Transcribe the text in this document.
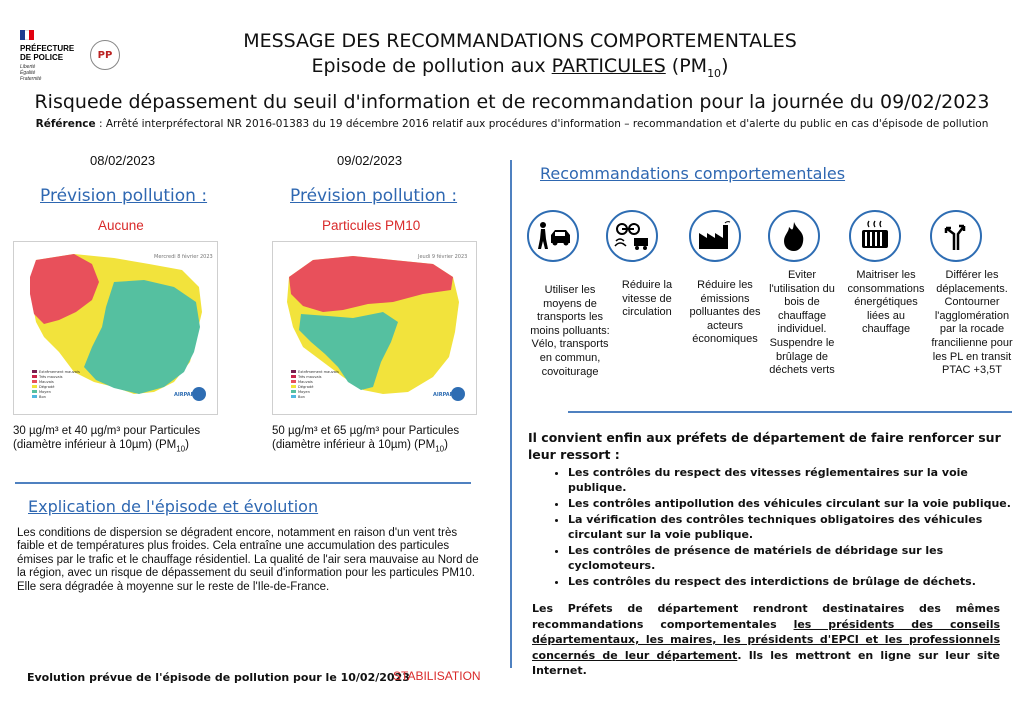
PRÉFECTURE
DE POLICE
Liberté
Égalité
Fraternité
PP
MESSAGE DES RECOMMANDATIONS COMPORTEMENTALES
Episode de pollution aux PARTICULES $(PM_{10})$
Risquede dépassement du seuil d'information et de recommandation pour la journée du 09/02/2023
Référence : Arrêté interpréfectoral NR 2016-01383 du 19 décembre 2016 relatif aux procédures d'information – recommandation et d'alerte du public en cas d'épisode de pollution
08/02/2023
Prévision pollution :
Aucune
Mercredi 8 février 2023
Extrêmement mauvais
Très mauvais
Mauvais
Dégradé
Moyen
Bon	AIRPARIF
30 µg/m³ et 40 µg/m³ pour Particules
(diamètre inférieur à 10µm) $(PM_{10})$
09/02/2023
Prévision pollution :
Particules PM10
Jeudi 9 février 2023
Extrêmement mauvais
Très mauvais
Mauvais
Dégradé
Moyen
Bon	AIRPARIF
50 µg/m³ et 65 µg/m³ pour Particules
(diamètre inférieur à 10µm) $(PM_{10})$
Explication de l'épisode et évolution
Les conditions de dispersion se dégradent encore, notamment en raison d'un vent très faible et de températures plus froides. Cela entraîne une accumulation des particules émises par le trafic et le chauffage résidentiel. La qualité de l'air sera mauvaise au Nord de la région, avec un risque de dépassement du seuil d'information pour les particules PM10. Elle sera dégradée à moyenne sur le reste de l'Ile-de-France.
Evolution prévue de l'épisode de pollution pour le 10/02/2023
STABILISATION
Recommandations comportementales
Utiliser les moyens de transports les moins polluants: Vélo, transports en commun, covoiturage
Réduire la vitesse de circulation
Réduire les émissions polluantes des acteurs économiques
Eviter l'utilisation du bois de chauffage individuel. Suspendre le brûlage de déchets verts
Maitriser les consommations énergétiques liées au chauffage
Différer les déplacements. Contourner l'agglomération par la rocade francilienne pour les PL en transit PTAC +3,5T
Il convient enfin aux préfets de département de faire renforcer sur leur ressort :
• Les contrôles du respect des vitesses réglementaires sur la voie publique.
• Les contrôles antipollution des véhicules circulant sur la voie publique.
• La vérification des contrôles techniques obligatoires des véhicules circulant sur la voie publique.
• Les contrôles de présence de matériels de débridage sur les cyclomoteurs.
• Les contrôles du respect des interdictions de brûlage de déchets.
Les Préfets de département rendront destinataires des mêmes recommandations comportementales les présidents des conseils départementaux, les maires, les présidents d'EPCI et les professionnels concernés de leur département. Ils les mettront en ligne sur leur site Internet.
